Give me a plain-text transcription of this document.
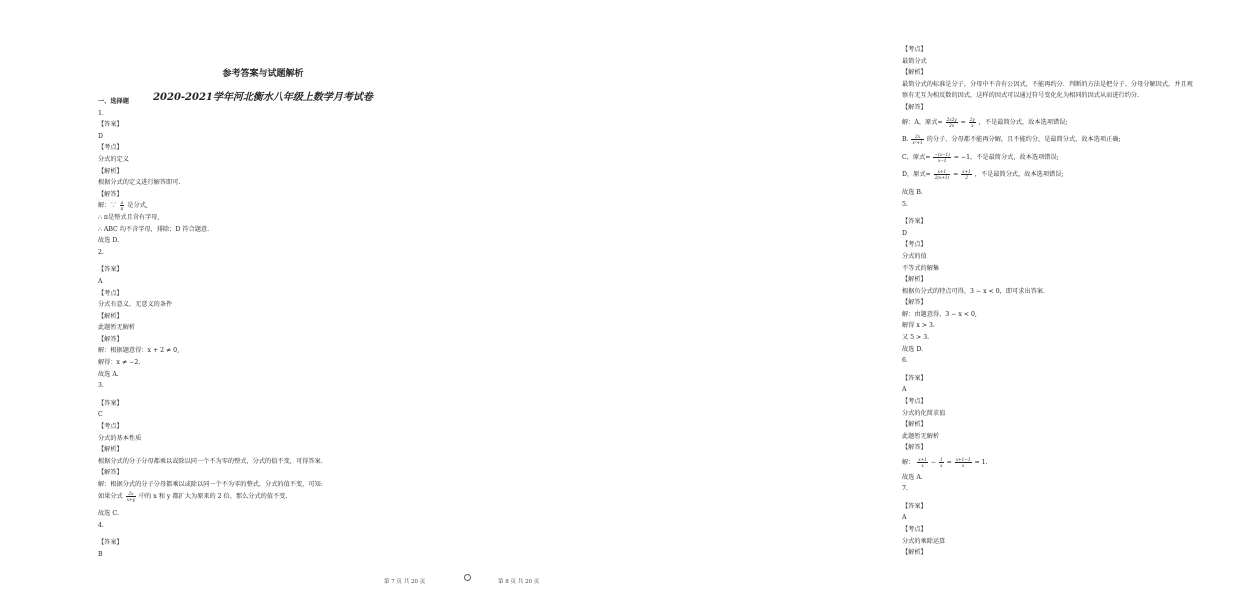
参考答案与试题解析
2020-2021学年河北衡水八年级上数学月考试卷
一、选择题
1.
【答案】
D
【考点】
分式的定义
【解析】
根据分式的定义进行解答即可.
【解答】
解：∵ $\frac{a}{\pi}$ 是分式,
∴ π是整式且含有字母,
∴ ABC 均不含字母，排除；D 符合题意.
故选 D.
2.
【答案】
A
【考点】
分式有意义、无意义的条件
【解析】
此题暂无解析
【解答】
解：根据题意得：x + 2 ≠ 0,
解得：x ≠ −2.
故选 A.
3.
【答案】
C
【考点】
分式的基本性质
【解析】
根据分式的分子分母都乘以或除以同一个不为零的整式，分式的值不变，可得答案.
【解答】
解：根据分式的分子分母都乘以或除以同一个不为零的整式，分式的值不变，可知:
如果分式 $\frac{2x}{x+y}$ 中的 x 和 y 都扩大为原来的 2 倍，那么分式的值不变.
故选 C.
4.
【答案】
B
【考点】
最简分式
【解析】
最简分式的标准是分子，分母中不含有公因式，不能再约分．判断的方法是把分子、分母分解因式，并且观
察有无互为相反数的因式，这样的因式可以通过符号变化化为相同的因式从而进行约分.
【解答】
解：A，原式= $\frac{2x2y}{2x} = \frac{2y}{x}$ ，不是最简分式，故本选项错误;
B. $\frac{2x}{\text{x²+1}}$ 的分子、分母都不能再分解，且不能约分，是最简分式，故本选项正确;
C，原式= $\frac{-(x-1)}{x-1} = -1$，不是最简分式，故本选项错误;
D，原式= $\frac{x+1}{2(x+1)} = \frac{x+1}{2}$ ，不是最简分式，故本选项错误;
故选 B.
5.
【答案】
D
【考点】
分式的值
不等式的解集
【解析】
根据负分式的特点可得，3 − x < 0，即可求出答案.
【解答】
解：由题意得，3 − x < 0,
解得 x > 3.
又 5 > 3.
故选 D.
6.
【答案】
A
【考点】
分式的化简求值
【解析】
此题暂无解析
【解答】
解： $\frac{x+1}{x} - \frac{1}{x} = \frac{x+1-1}{x} = 1$.
故选 A.
7.
【答案】
A
【考点】
分式的乘除运算
【解析】
第 7 页 共 20 页	第 8 页 共 20 页
